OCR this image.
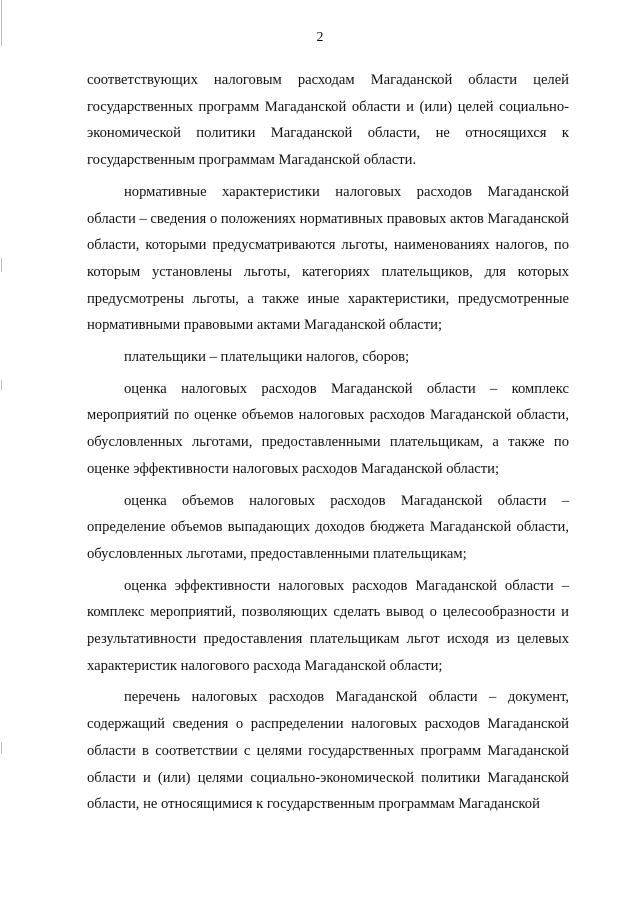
2

соответствующих налоговым расходам Магаданской области целей государственных программ Магаданской области и (или) целей социально-экономической политики Магаданской области, не относящихся к государственным программам Магаданской области.

нормативные характеристики налоговых расходов Магаданской области – сведения о положениях нормативных правовых актов Магаданской области, которыми предусматриваются льготы, наименованиях налогов, по которым установлены льготы, категориях плательщиков, для которых предусмотрены льготы, а также иные характеристики, предусмотренные нормативными правовыми актами Магаданской области;

плательщики – плательщики налогов, сборов;

оценка налоговых расходов Магаданской области – комплекс мероприятий по оценке объемов налоговых расходов Магаданской области, обусловленных льготами, предоставленными плательщикам, а также по оценке эффективности налоговых расходов Магаданской области;

оценка объемов налоговых расходов Магаданской области – определение объемов выпадающих доходов бюджета Магаданской области, обусловленных льготами, предоставленными плательщикам;

оценка эффективности налоговых расходов Магаданской области – комплекс мероприятий, позволяющих сделать вывод о целесообразности и результативности предоставления плательщикам льгот исходя из целевых характеристик налогового расхода Магаданской области;

перечень налоговых расходов Магаданской области – документ, содержащий сведения о распределении налоговых расходов Магаданской области в соответствии с целями государственных программ Магаданской области и (или) целями социально-экономической политики Магаданской области, не относящимися к государственным программам Магаданской
